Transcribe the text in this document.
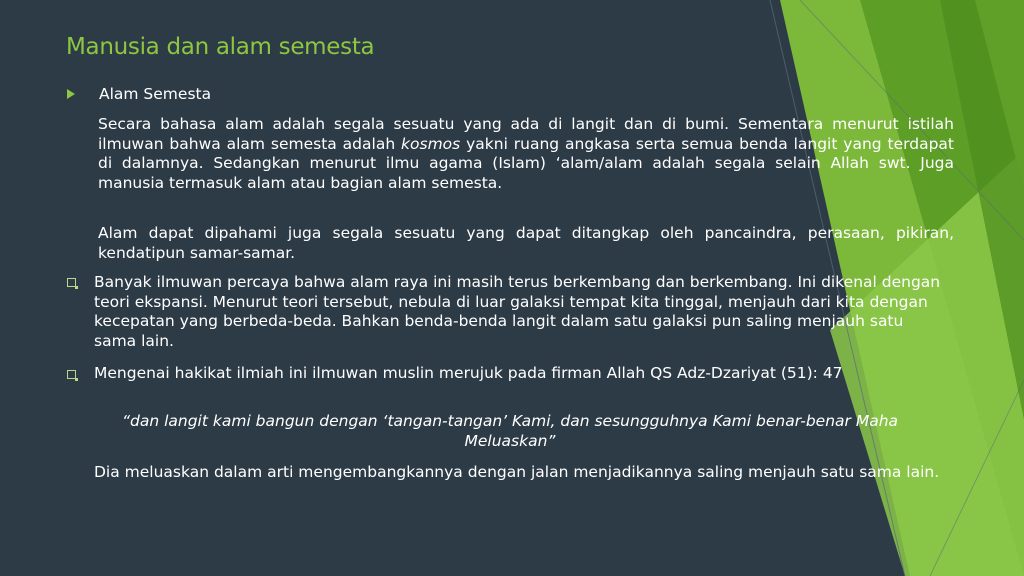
Manusia dan alam semesta
Alam Semesta
Secara bahasa alam adalah segala sesuatu yang ada di langit dan di bumi. Sementara menurut istilah ilmuwan bahwa alam semesta adalah kosmos yakni ruang angkasa serta semua benda langit yang terdapat di dalamnya. Sedangkan menurut ilmu agama (Islam) ‘alam/alam adalah segala selain Allah swt. Juga manusia termasuk alam atau bagian alam semesta.
Alam dapat dipahami juga segala sesuatu yang dapat ditangkap oleh pancaindra, perasaan, pikiran, kendatipun samar-samar.
Banyak ilmuwan percaya bahwa alam raya ini masih terus berkembang dan berkembang. Ini dikenal dengan teori ekspansi. Menurut teori tersebut, nebula di luar galaksi tempat kita tinggal, menjauh dari kita dengan kecepatan yang berbeda-beda. Bahkan benda-benda langit dalam satu galaksi pun saling menjauh satu sama lain.
Mengenai hakikat ilmiah ini ilmuwan muslin merujuk pada firman Allah QS Adz-Dzariyat (51): 47
“dan langit kami bangun dengan ‘tangan-tangan’ Kami, dan sesungguhnya Kami benar-benar Maha Meluaskan”
Dia meluaskan dalam arti mengembangkannya dengan jalan menjadikannya saling menjauh satu sama lain.
